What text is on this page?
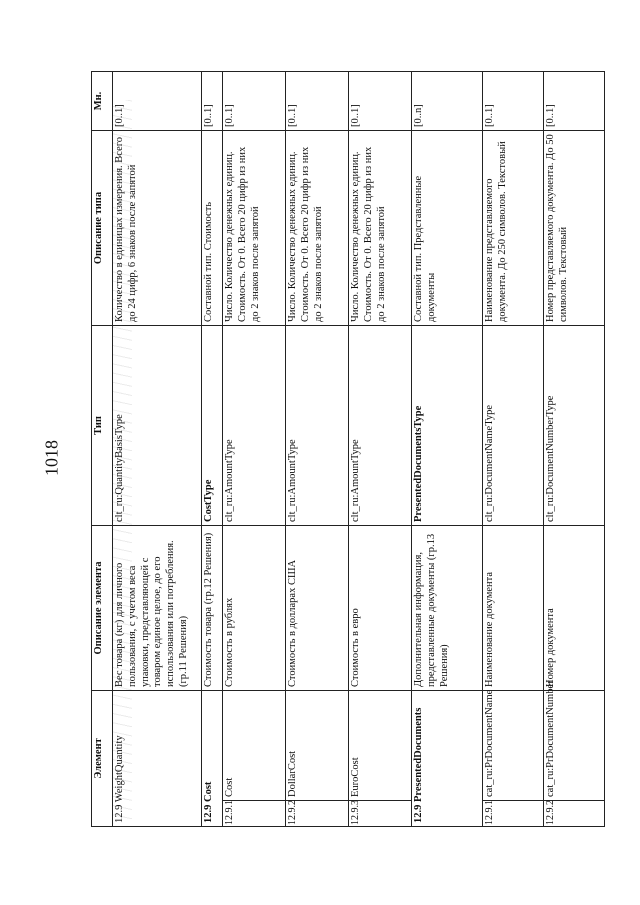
1018
Элемент		Описание элемента	Тип	Описание типа	Мн.
12.9 WeightQuantity		Вес товара (кг) для личного пользования, с учетом веса упаковки, представляющей с товаром единое целое, до его использования или потребления. (гр.11 Решения)	clt_ru:QuantityBasisType	Количество в единицах измерения. Всего до 24 цифр, 6 знаков после запятой	[0..1]
12.9 Cost		Стоимость товара (гр.12 Решения)	CostType	Составной тип. Стоимость	[0..1]
12.9.1	Cost	Стоимость в рублях	clt_ru:AmountType	Число. Количество денежных единиц. Стоимость. От 0. Всего 20 цифр из них до 2 знаков после запятой	[0..1]
12.9.2	DollarCost	Стоимость в долларах США	clt_ru:AmountType	Число. Количество денежных единиц. Стоимость. От 0. Всего 20 цифр из них до 2 знаков после запятой	[0..1]
12.9.3	EuroCost	Стоимость в евро	clt_ru:AmountType	Число. Количество денежных единиц. Стоимость. От 0. Всего 20 цифр из них до 2 знаков после запятой	[0..1]
12.9 PresentedDocuments		Дополнительная информация, представленные документы (гр.13 Решения)	PresentedDocumentsType	Составной тип. Представленные документы	[0..n]
12.9.1	cat_ru:PrDocumentName	Наименование документа	clt_ru:DocumentNameType	Наименование представляемого документа. До 250 символов. Текстовый	[0..1]
12.9.2	cat_ru:PrDocumentNumber	Номер документа	clt_ru:DocumentNumberType	Номер представляемого документа. До 50 символов. Текстовый	[0..1]
